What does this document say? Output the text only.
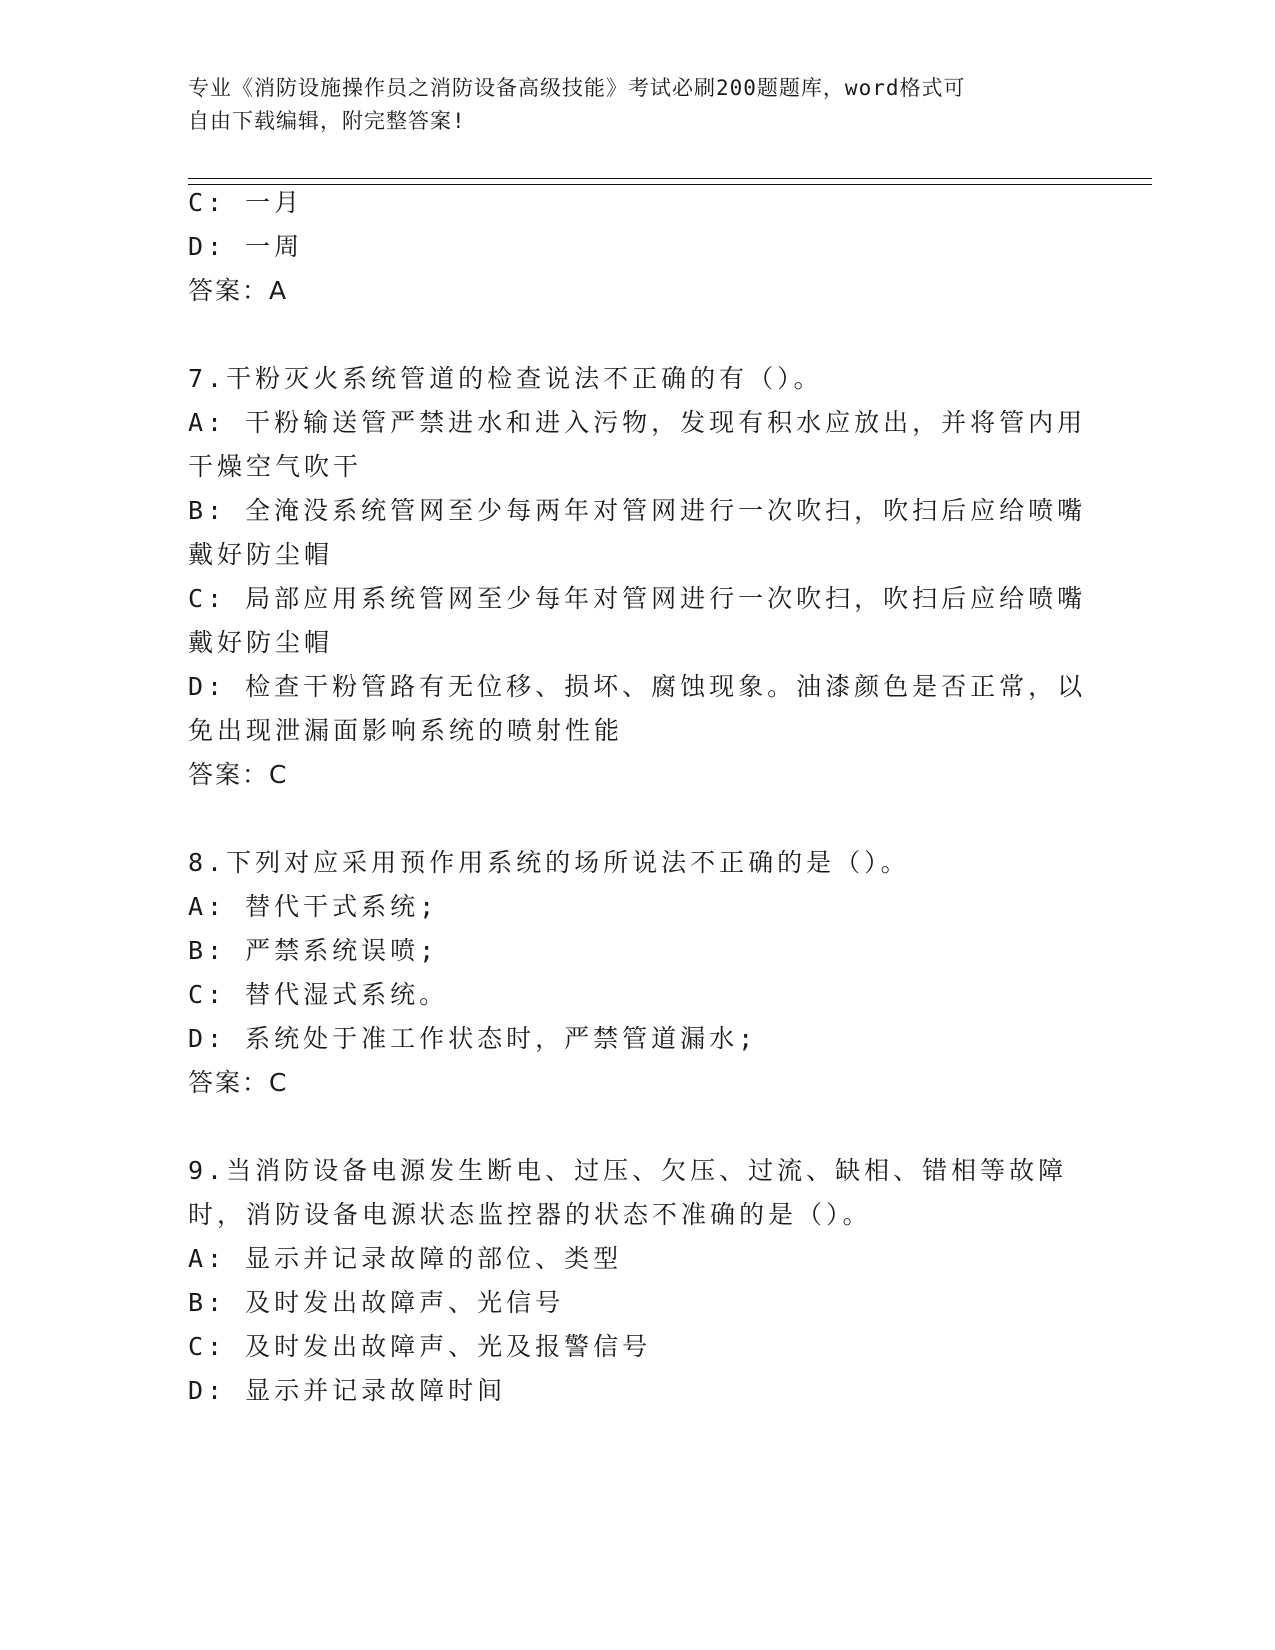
专业《消防设施操作员之消防设备高级技能》考试必刷200题题库，word格式可
自由下载编辑，附完整答案!
C: 一月
D: 一周
答案：A
7.干粉灭火系统管道的检查说法不正确的有（）。
A: 干粉输送管严禁进水和进入污物，发现有积水应放出，并将管内用
干燥空气吹干
B: 全淹没系统管网至少每两年对管网进行一次吹扫，吹扫后应给喷嘴
戴好防尘帽
C: 局部应用系统管网至少每年对管网进行一次吹扫，吹扫后应给喷嘴
戴好防尘帽
D: 检查干粉管路有无位移、损坏、腐蚀现象。油漆颜色是否正常，以
免出现泄漏面影响系统的喷射性能
答案：C
8.下列对应采用预作用系统的场所说法不正确的是（）。
A: 替代干式系统;
B: 严禁系统误喷;
C: 替代湿式系统。
D: 系统处于准工作状态时，严禁管道漏水;
答案：C
9.当消防设备电源发生断电、过压、欠压、过流、缺相、错相等故障
时，消防设备电源状态监控器的状态不准确的是（）。
A: 显示并记录故障的部位、类型
B: 及时发出故障声、光信号
C: 及时发出故障声、光及报警信号
D: 显示并记录故障时间
